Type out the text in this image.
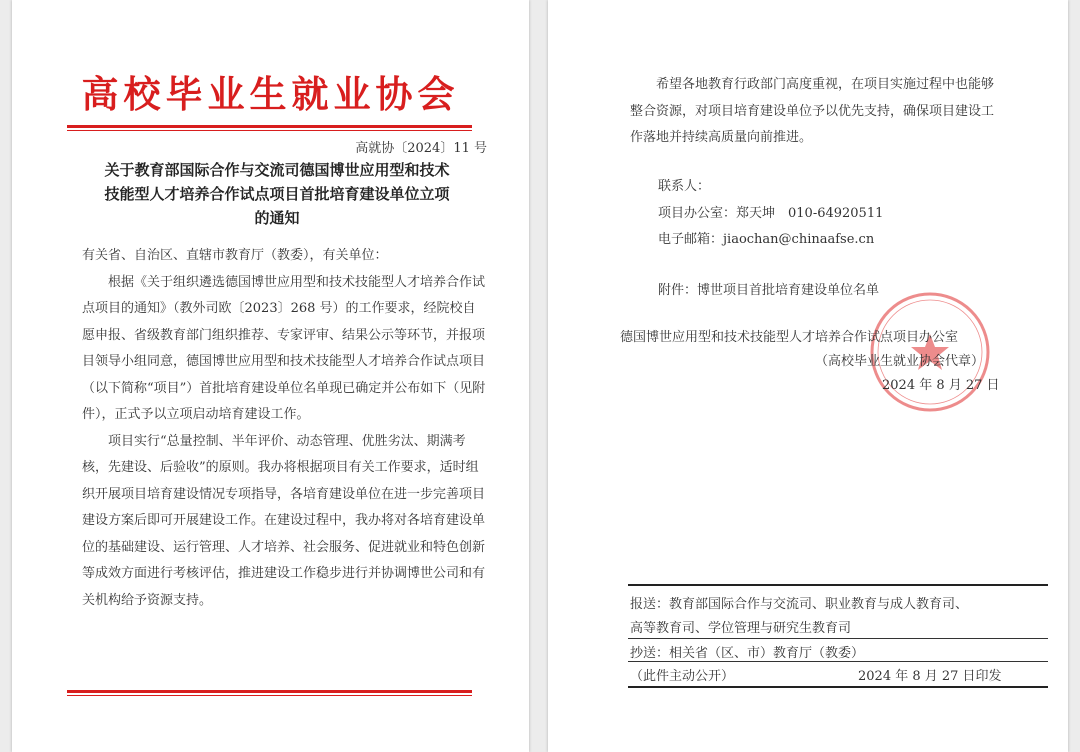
高校毕业生就业协会
高就协〔2024〕11 号
关于教育部国际合作与交流司德国博世应用型和技术
技能型人才培养合作试点项目首批培育建设单位立项
的通知

有关省、自治区、直辖市教育厅（教委），有关单位：

根据《关于组织遴选德国博世应用型和技术技能型人才培养合作试点项目的通知》（教外司欧〔2023〕268 号）的工作要求，经院校自愿申报、省级教育部门组织推荐、专家评审、结果公示等环节，并报项目领导小组同意，德国博世应用型和技术技能型人才培养合作试点项目（以下简称“项目”）首批培育建设单位名单现已确定并公布如下（见附件），正式予以立项启动培育建设工作。

项目实行“总量控制、半年评价、动态管理、优胜劣汰、期满考核，先建设、后验收”的原则。我办将根据项目有关工作要求，适时组织开展项目培育建设情况专项指导，各培育建设单位在进一步完善项目建设方案后即可开展建设工作。在建设过程中，我办将对各培育建设单位的基础建设、运行管理、人才培养、社会服务、促进就业和特色创新等成效方面进行考核评估，推进建设工作稳步进行并协调博世公司和有关机构给予资源支持。

希望各地教育行政部门高度重视，在项目实施过程中也能够整合资源，对项目培育建设单位予以优先支持，确保项目建设工作落地并持续高质量向前推进。

联系人：

项目办公室：郑天坤　010-64920511

电子邮箱：jiaochan@chinaafse.cn

附件：博世项目首批培育建设单位名单

德国博世应用型和技术技能型人才培养合作试点项目办公室

（高校毕业生就业协会代章）

2024 年 8 月 27 日

报送：教育部国际合作与交流司、职业教育与成人教育司、
高等教育司、学位管理与研究生教育司
抄送：相关省（区、市）教育厅（教委）
（此件主动公开）	2024 年 8 月 27 日印发
